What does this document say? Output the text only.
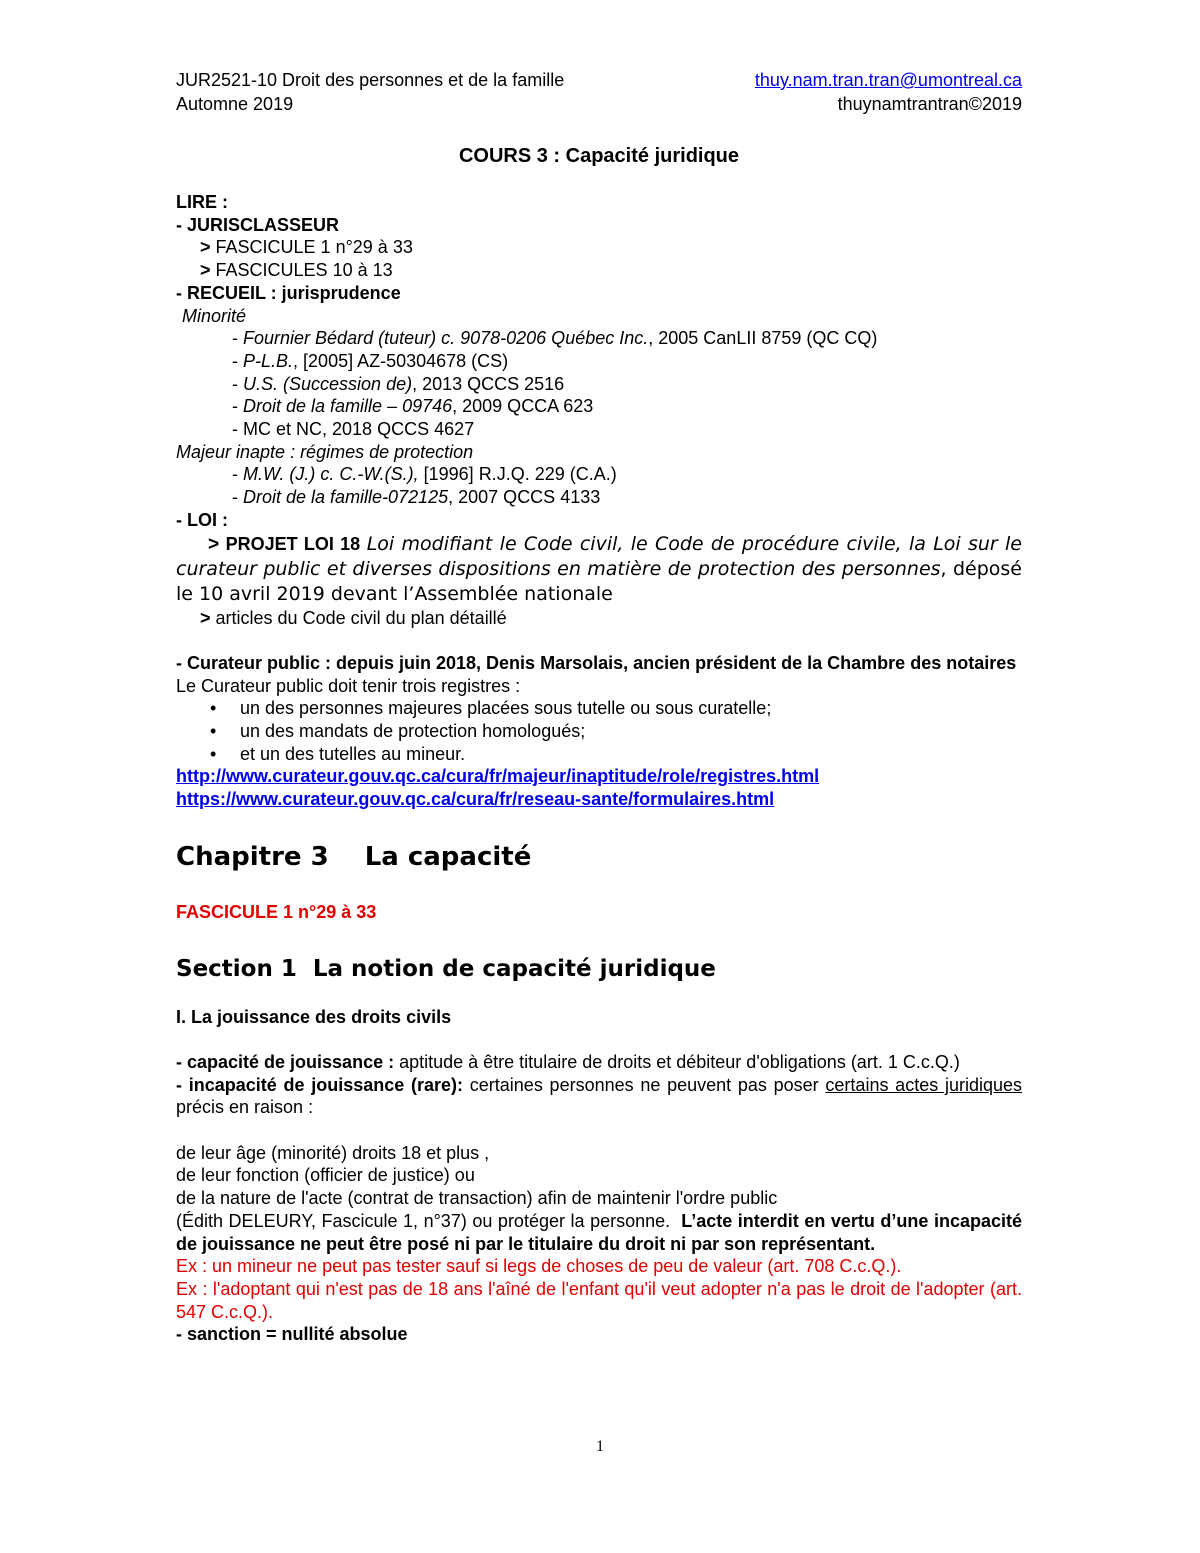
JUR2521-10 Droit des personnes et de la famille	thuy.nam.tran.tran@umontreal.ca
Automne 2019	thuynamtrantran©2019
COURS 3 : Capacité juridique
LIRE :
- JURISCLASSEUR
> FASCICULE 1 n°29 à 33
> FASCICULES 10 à 13
- RECUEIL : jurisprudence
Minorité
- Fournier Bédard (tuteur) c. 9078-0206 Québec Inc., 2005 CanLII 8759 (QC CQ)
- P-L.B., [2005] AZ-50304678 (CS)
- U.S. (Succession de), 2013 QCCS 2516
- Droit de la famille – 09746, 2009 QCCA 623
- MC et NC, 2018 QCCS 4627
Majeur inapte : régimes de protection
- M.W. (J.) c. C.-W.(S.), [1996] R.J.Q. 229 (C.A.)
- Droit de la famille-072125, 2007 QCCS 4133
- LOI :
> PROJET LOI 18 Loi modifiant le Code civil, le Code de procédure civile, la Loi sur le curateur public et diverses dispositions en matière de protection des personnes, déposé le 10 avril 2019 devant l’Assemblée nationale
> articles du Code civil du plan détaillé
- Curateur public : depuis juin 2018, Denis Marsolais, ancien président de la Chambre des notaires
Le Curateur public doit tenir trois registres :
•	un des personnes majeures placées sous tutelle ou sous curatelle;
•	un des mandats de protection homologués;
•	et un des tutelles au mineur.
http://www.curateur.gouv.qc.ca/cura/fr/majeur/inaptitude/role/registres.html
https://www.curateur.gouv.qc.ca/cura/fr/reseau-sante/formulaires.html
Chapitre 3 La capacité
FASCICULE 1 n°29 à 33
Section 1  La notion de capacité juridique
I. La jouissance des droits civils
- capacité de jouissance : aptitude à être titulaire de droits et débiteur d'obligations (art. 1 C.c.Q.)
- incapacité de jouissance (rare): certaines personnes ne peuvent pas poser certains actes juridiques précis en raison :
de leur âge (minorité) droits 18 et plus ,
de leur fonction (officier de justice) ou
de la nature de l'acte (contrat de transaction) afin de maintenir l'ordre public
(Édith DELEURY, Fascicule 1, n°37) ou protéger la personne.  L’acte interdit en vertu d’une incapacité de jouissance ne peut être posé ni par le titulaire du droit ni par son représentant.
Ex : un mineur ne peut pas tester sauf si legs de choses de peu de valeur (art. 708 C.c.Q.).
Ex : l'adoptant qui n'est pas de 18 ans l'aîné de l'enfant qu'il veut adopter n'a pas le droit de l'adopter (art. 547 C.c.Q.).
- sanction = nullité absolue
1
